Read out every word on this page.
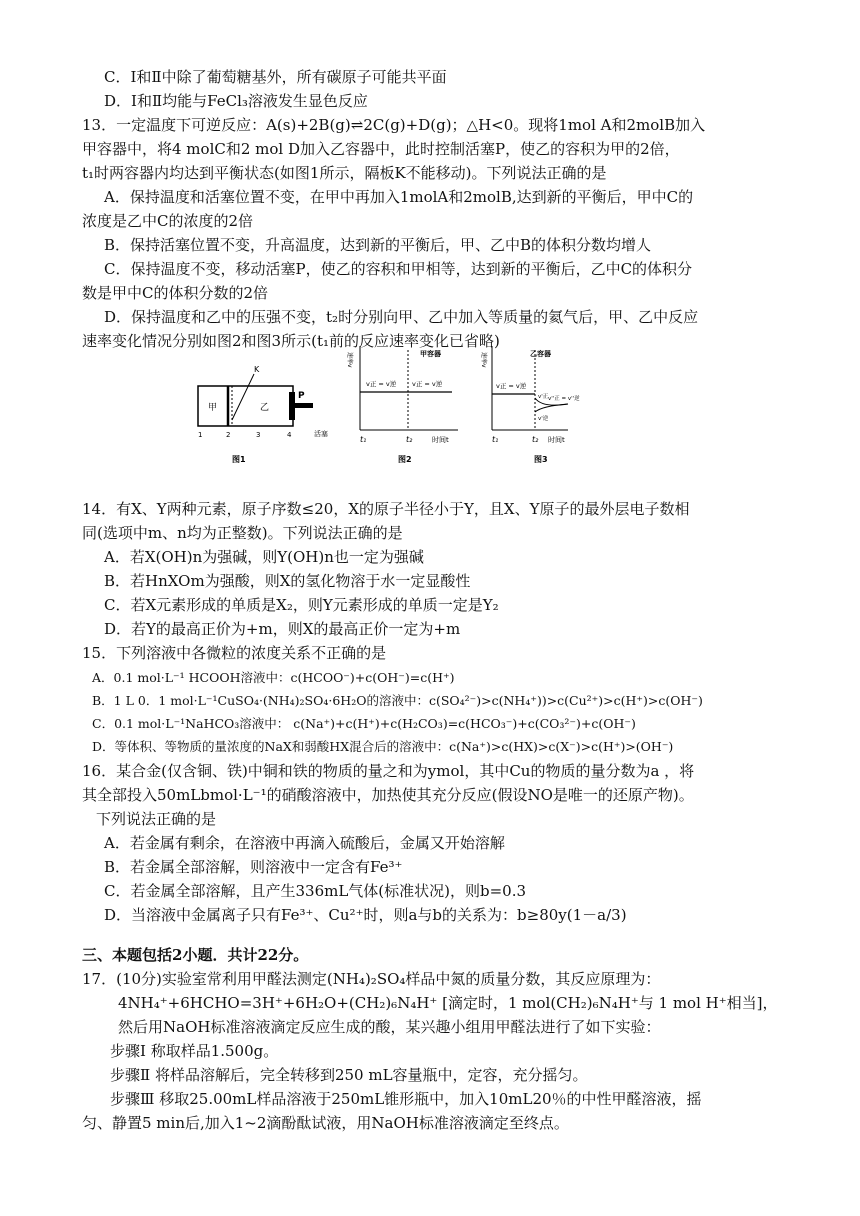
C．Ⅰ和Ⅱ中除了葡萄糖基外，所有碳原子可能共平面
D．Ⅰ和Ⅱ均能与FeCl₃溶液发生显色反应
13．一定温度下可逆反应：A(s)+2B(g)⇌2C(g)+D(g)；△H<0。现将1mol A和2molB加入
甲容器中，将4 molC和2 mol D加入乙容器中，此时控制活塞P，使乙的容积为甲的2倍，
t₁时两容器内均达到平衡状态(如图1所示，隔板K不能移动)。下列说法正确的是
A．保持温度和活塞位置不变，在甲中再加入1molA和2molB,达到新的平衡后，甲中C的
浓度是乙中C的浓度的2倍
B．保持活塞位置不变，升高温度，达到新的平衡后，甲、乙中B的体积分数均增人
C．保持温度不变，移动活塞P，使乙的容积和甲相等，达到新的平衡后，乙中C的体积分
数是甲中C的体积分数的2倍
D．保持温度和乙中的压强不变，t₂时分别向甲、乙中加入等质量的氦气后，甲、乙中反应
速率变化情况分别如图2和图3所示(t₁前的反应速率变化已省略)
14．有X、Y两种元素，原子序数≤20，X的原子半径小于Y，且X、Y原子的最外层电子数相
同(选项中m、n均为正整数)。下列说法正确的是
A．若X(OH)n为强碱，则Y(OH)n也一定为强碱
B．若HnXOm为强酸，则X的氢化物溶于水一定显酸性
C．若X元素形成的单质是X₂，则Y元素形成的单质一定是Y₂
D．若Y的最高正价为+m，则X的最高正价一定为+m
15．下列溶液中各微粒的浓度关系不正确的是
A．0.1 mol·L⁻¹ HCOOH溶液中：c(HCOO⁻)+c(OH⁻)=c(H⁺)
B．1 L 0．1 mol·L⁻¹CuSO₄·(NH₄)₂SO₄·6H₂O的溶液中：c(SO₄²⁻)>c(NH₄⁺))>c(Cu²⁺)>c(H⁺)>c(OH⁻)
C．0.1 mol·L⁻¹NaHCO₃溶液中： c(Na⁺)+c(H⁺)+c(H₂CO₃)=c(HCO₃⁻)+c(CO₃²⁻)+c(OH⁻)
D．等体积、等物质的量浓度的NaX和弱酸HX混合后的溶液中：c(Na⁺)>c(HX)>c(X⁻)>c(H⁺)>(OH⁻)
16．某合金(仅含铜、铁)中铜和铁的物质的量之和为ymol，其中Cu的物质的量分数为a ，将
其全部投入50mLbmol·L⁻¹的硝酸溶液中，加热使其充分反应(假设NO是唯一的还原产物)。
下列说法正确的是
A．若金属有剩余，在溶液中再滴入硫酸后，金属又开始溶解
B．若金属全部溶解，则溶液中一定含有Fe³⁺
C．若金属全部溶解，且产生336mL气体(标准状况)，则b=0.3
D．当溶液中金属离子只有Fe³⁺、Cu²⁺时，则a与b的关系为：b≥80y(1－a/3)
三、本题包括2小题．共计22分。
17．(10分)实验室常利用甲醛法测定(NH₄)₂SO₄样品中氮的质量分数，其反应原理为：
4NH₄⁺+6HCHO=3H⁺+6H₂O+(CH₂)₆N₄H⁺ [滴定时，1 mol(CH₂)₆N₄H⁺与 1 mol H⁺相当]，
然后用NaOH标准溶液滴定反应生成的酸，某兴趣小组用甲醛法进行了如下实验：
步骤Ⅰ 称取样品1.500g。
步骤Ⅱ 将样品溶解后，完全转移到250 mL容量瓶中，定容，充分摇匀。
步骤Ⅲ 移取25.00mL样品溶液于250mL锥形瓶中，加入10mL20％的中性甲醛溶液，摇
匀、静置5 min后,加入1~2滴酚酞试液，用NaOH标准溶液滴定至终点。
甲	乙
K
P
活塞
1	2	3	4
图1
甲容器
速率v
v正 = v逆 v正 = v逆
t₁	t₂	时间t
图2
乙容器
速率v
v正 = v逆
v'正
v'逆
v''正 = v''逆
t₁	t₂ 时间t
图3
